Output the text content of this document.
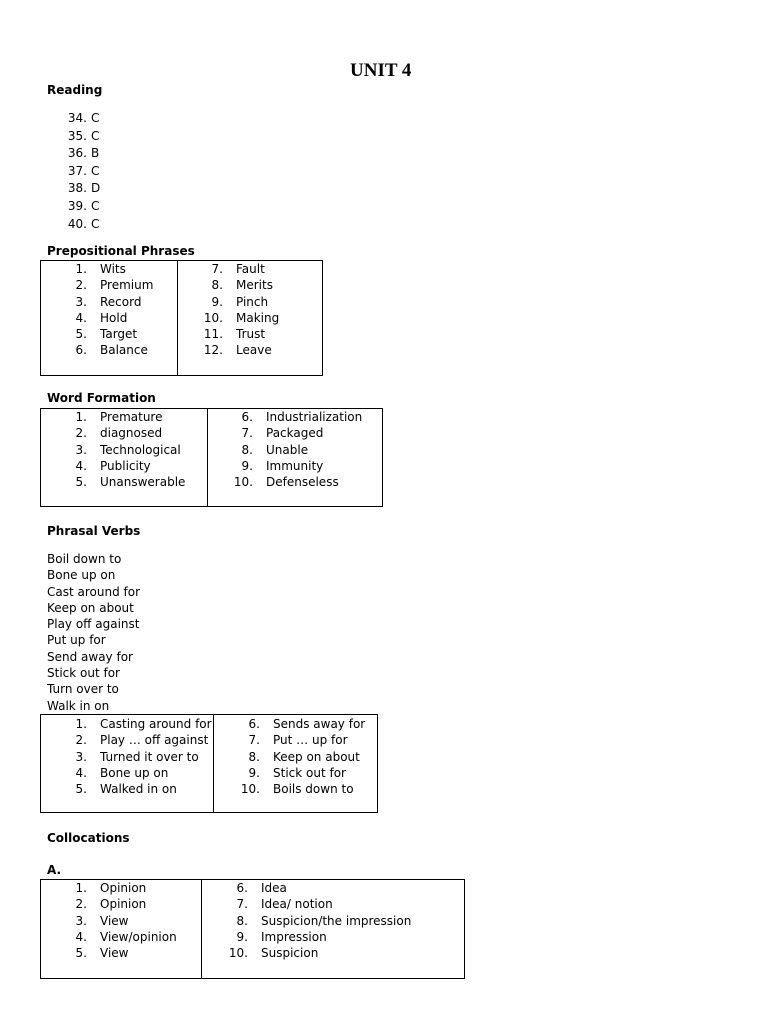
UNIT 4
Reading
34. C
35. C
36. B
37. C
38. D
39. C
40. C
Prepositional Phrases
1. Wits
2. Premium
3. Record
4. Hold
5. Target
6. Balance
7. Fault
8. Merits
9. Pinch
10. Making
11. Trust
12. Leave
Word Formation
1. Premature
2. diagnosed
3. Technological
4. Publicity
5. Unanswerable
6. Industrialization
7. Packaged
8. Unable
9. Immunity
10. Defenseless
Phrasal Verbs
Boil down to
Bone up on
Cast around for
Keep on about
Play off against
Put up for
Send away for
Stick out for
Turn over to
Walk in on
1. Casting around for
2. Play … off against
3. Turned it over to
4. Bone up on
5. Walked in on
6. Sends away for
7. Put … up for
8. Keep on about
9. Stick out for
10. Boils down to
Collocations
A.
1. Opinion
2. Opinion
3. View
4. View/opinion
5. View
6. Idea
7. Idea/ notion
8. Suspicion/the impression
9. Impression
10. Suspicion
